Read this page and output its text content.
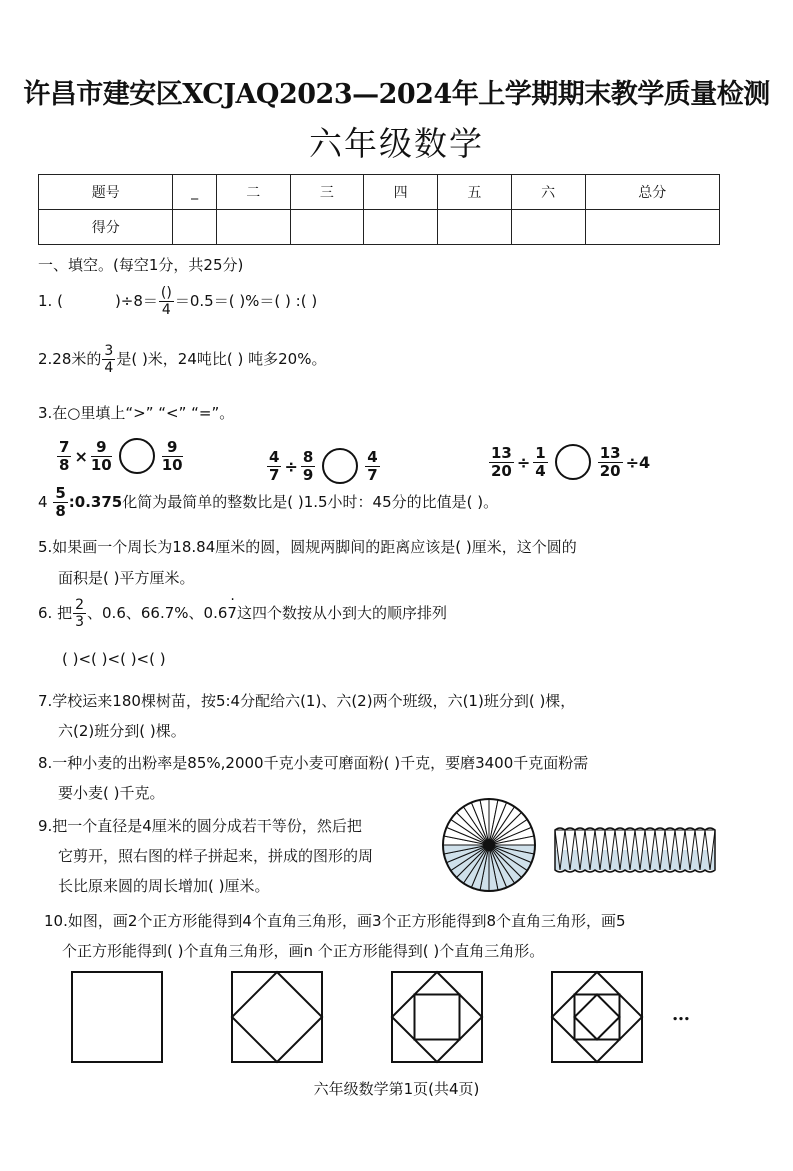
许昌市建安区XCJAQ2023—2024年上学期期末教学质量检测
六年级数学
题号	_	二	三	四	五	六	总分
得分							
一、填空。(每空1分，共25分)
1. (	)$\div 8= \frac{()}{4} =0.5=$( )%＝( ) :( )
2.28米的 $\frac{3}{4}$ 是( )米，24吨比( ) 吨多20%。
3.在○里填上“>” “<” “=”。
$\frac{7}{8} \times \frac{9}{10}$	$\frac{9}{10}$	$\frac{4}{7} \div \frac{8}{9}$	$\frac{4}{7}$	$\frac{13}{20} \div \frac{1}{4}$	$\frac{13}{20} \div 4$
$4 \frac{5}{8}$ :0.375化简为最简单的整数比是( )1.5小时：45分的比值是( )。
5.如果画一个周长为18.84厘米的圆，圆规两脚间的距离应该是( )厘米，这个圆的
面积是( )平方厘米。
6. 把 $\frac{2}{3}$ 、0.6、66.7%、0.67 ·这四个数按从小到大的顺序排列
( )<( )<( )<( )
7.学校运来180棵树苗，按5:4分配给六(1)、六(2)两个班级，六(1)班分到( )棵，
六(2)班分到( )棵。
8.一种小麦的出粉率是85%,2000千克小麦可磨面粉( )千克，要磨3400千克面粉需
要小麦( )千克。
9.把一个直径是4厘米的圆分成若干等份，然后把
它剪开，照右图的样子拼起来，拼成的图形的周
长比原来圆的周长增加( )厘米。
10.如图，画2个正方形能得到4个直角三角形，画3个正方形能得到8个直角三角形，画5
个正方形能得到( )个直角三角形，画n 个正方形能得到( )个直角三角形。
…
六年级数学第1页(共4页)
